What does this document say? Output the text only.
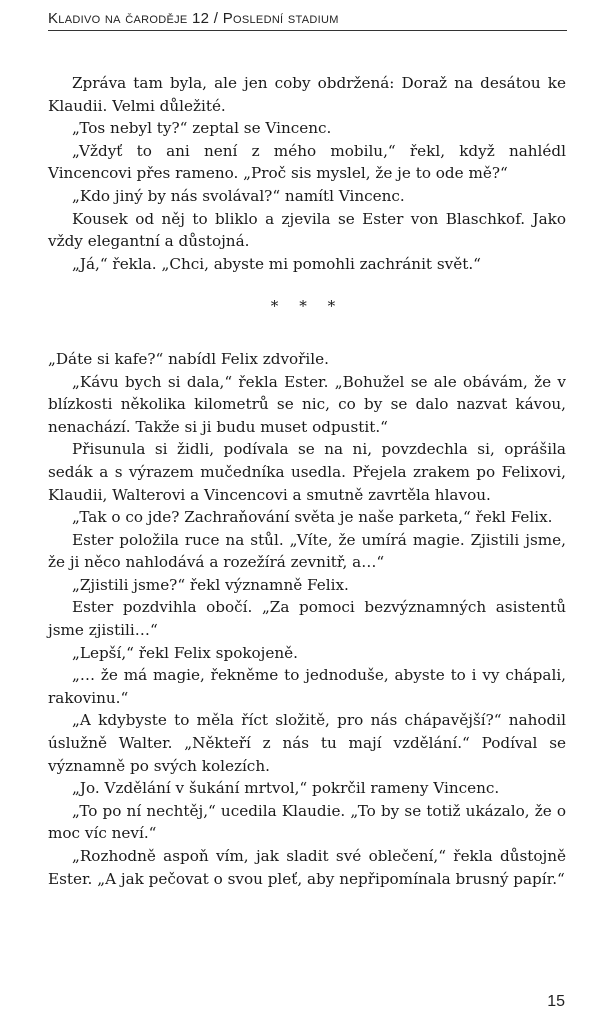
Kladivo na čaroděje 12 / Poslední stadium

Zpráva tam byla, ale jen coby obdržená: Doraž na desátou ke Klaudii. Velmi důležité.

„Tos nebyl ty?“ zeptal se Vincenc.

„Vždyť to ani není z mého mobilu,“ řekl, když nahlédl Vincencovi přes rameno. „Proč sis myslel, že je to ode mě?“

„Kdo jiný by nás svolával?“ namítl Vincenc.

Kousek od něj to bliklo a zjevila se Ester von Blaschkof. Jako vždy elegantní a důstojná.

„Já,“ řekla. „Chci, abyste mi pomohli zachránit svět.“

* * *

„Dáte si kafe?“ nabídl Felix zdvořile.

„Kávu bych si dala,“ řekla Ester. „Bohužel se ale obávám, že v blízkosti několika kilometrů se nic, co by se dalo nazvat kávou, nenachází. Takže si ji budu muset odpustit.“

Přisunula si židli, podívala se na ni, povzdechla si, oprášila sedák a s výrazem mučedníka usedla. Přejela zrakem po Felixovi, Klaudii, Walterovi a Vincencovi a smutně zavrtěla hlavou.

„Tak o co jde? Zachraňování světa je naše parketa,“ řekl Felix.

Ester položila ruce na stůl. „Víte, že umírá magie. Zjistili jsme, že ji něco nahlodává a rozežírá zevnitř, a…“

„Zjistili jsme?“ řekl významně Felix.

Ester pozdvihla obočí. „Za pomoci bezvýznamných asistentů jsme zjistili…“

„Lepší,“ řekl Felix spokojeně.

„… že má magie, řekněme to jednoduše, abyste to i vy chápali, rakovinu.“

„A kdybyste to měla říct složitě, pro nás chápavější?“ nahodil úslužně Walter. „Někteří z nás tu mají vzdělání.“ Podíval se významně po svých kolezích.

„Jo. Vzdělání v šukání mrtvol,“ pokrčil rameny Vincenc.

„To po ní nechtěj,“ ucedila Klaudie. „To by se totiž ukázalo, že o moc víc neví.“

„Rozhodně aspoň vím, jak sladit své oblečení,“ řekla důstojně Ester. „A jak pečovat o svou pleť, aby nepřipomínala brusný papír.“

15
